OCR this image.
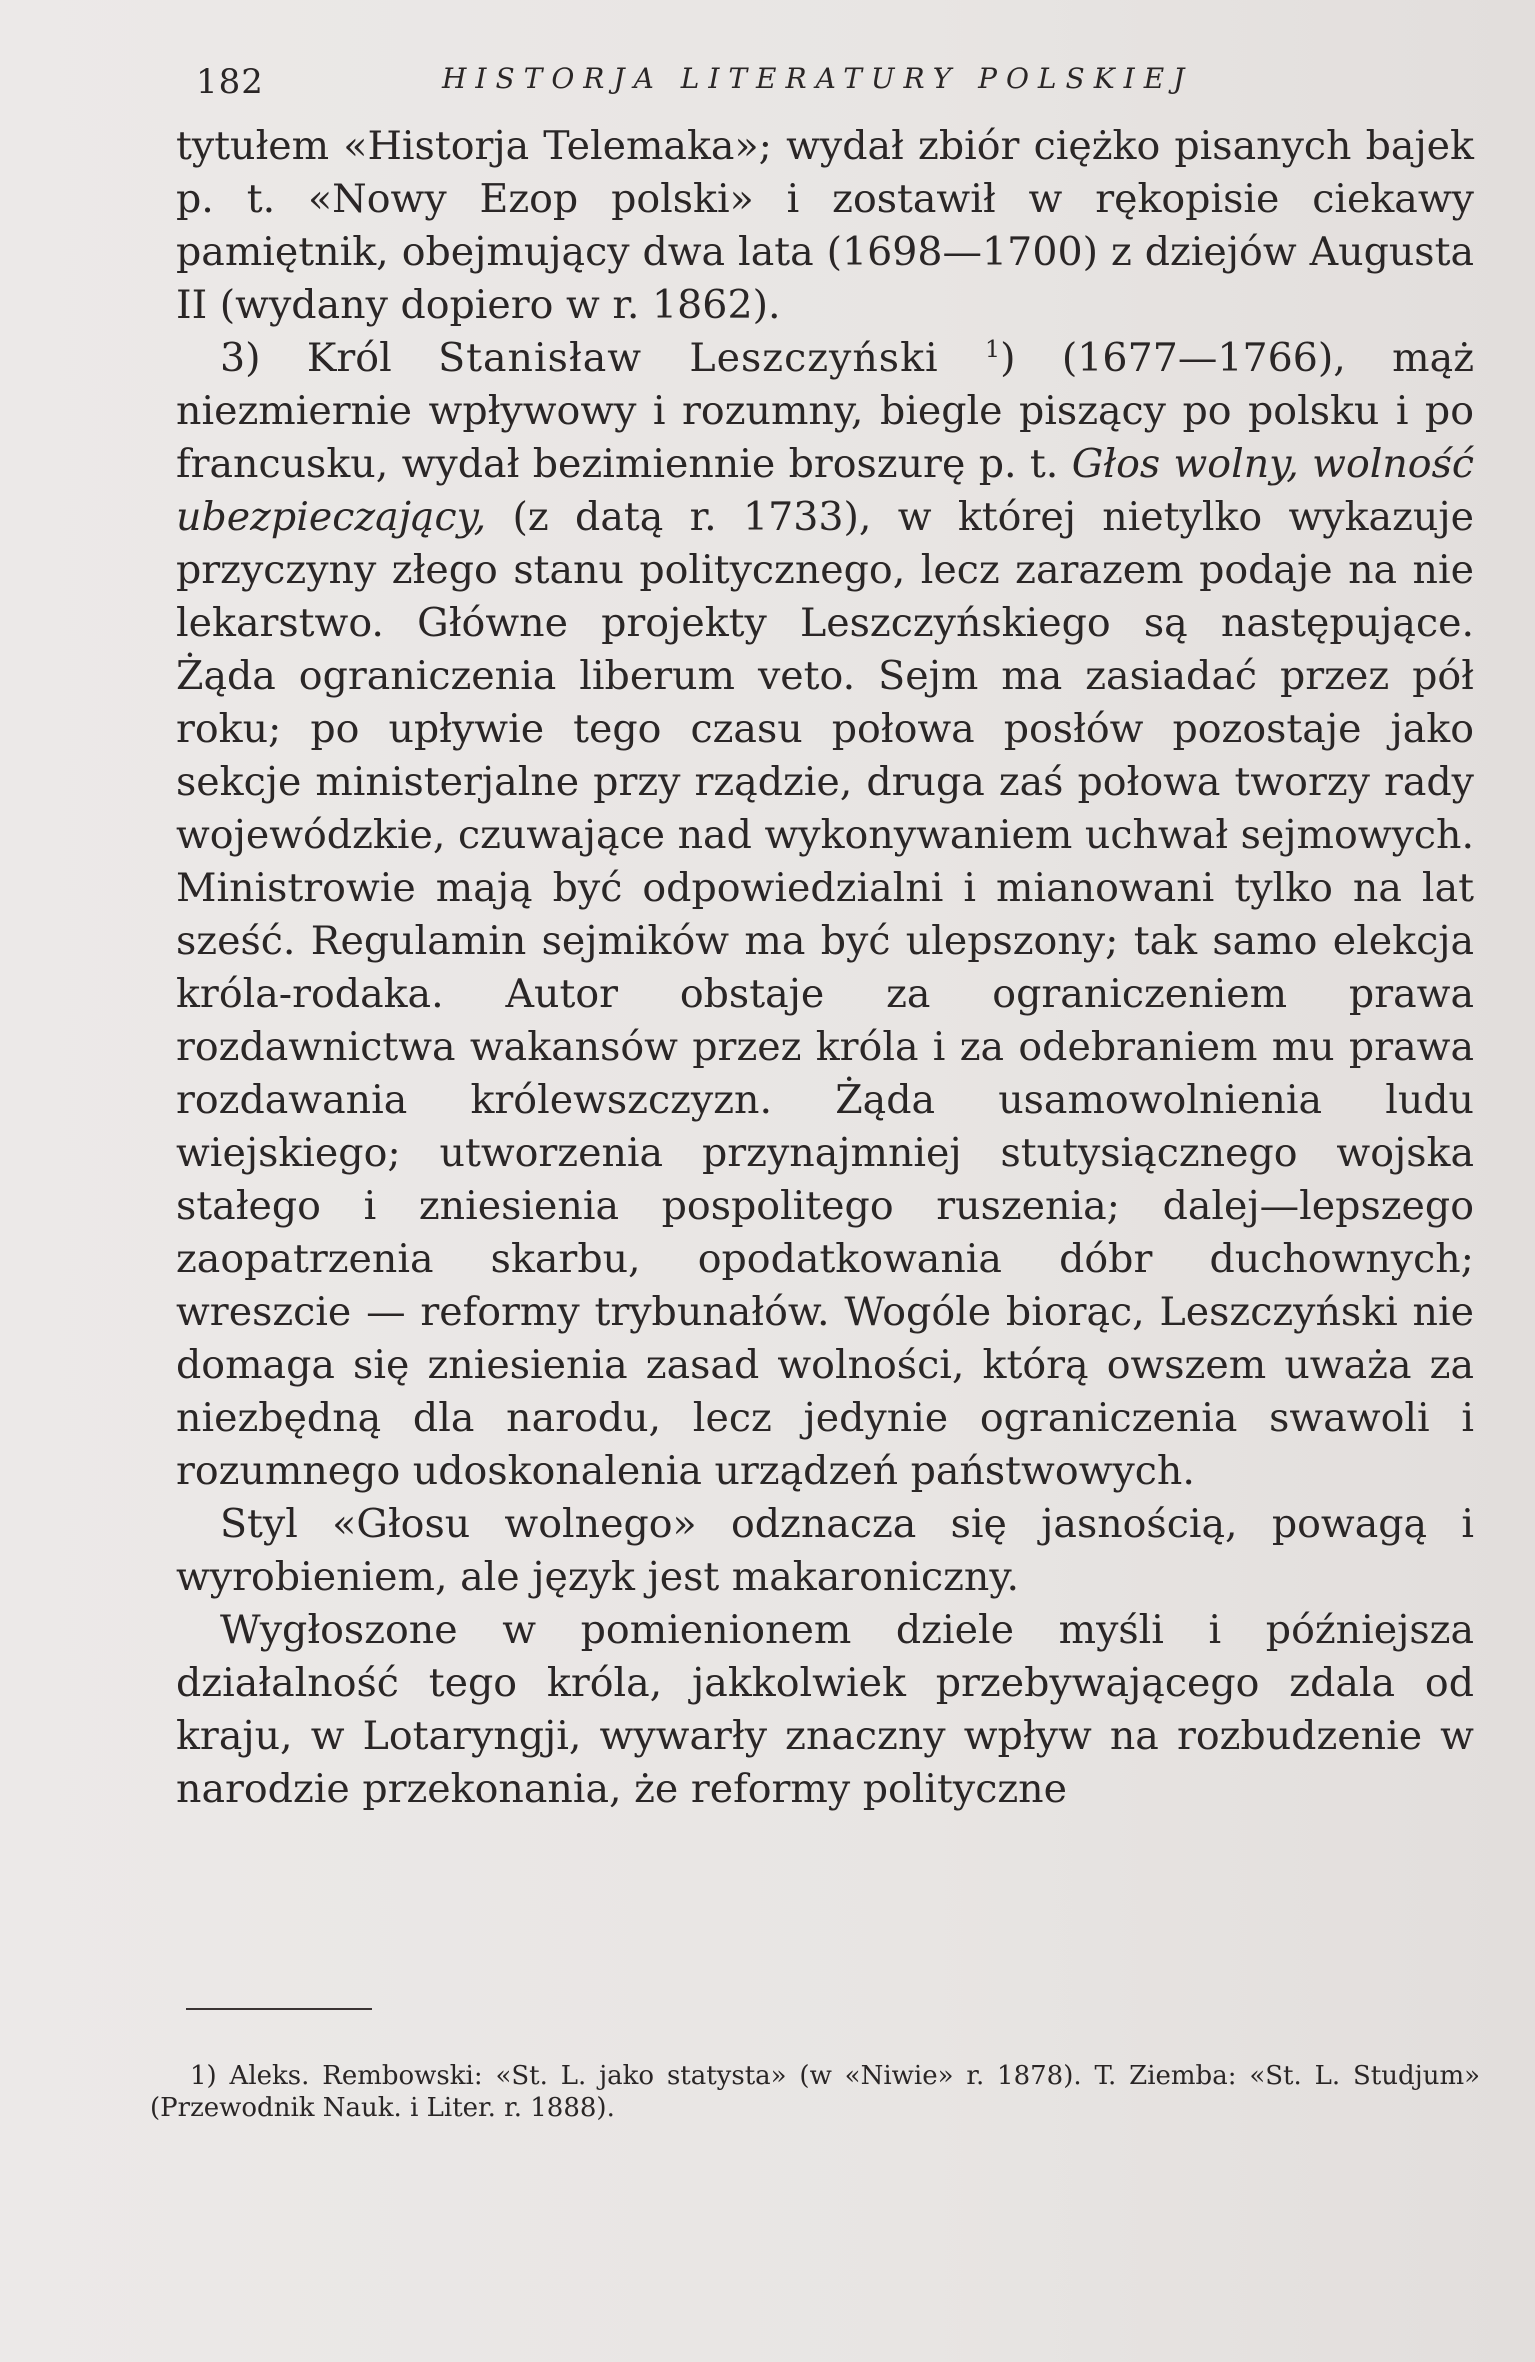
182	HISTORJA LITERATURY POLSKIEJ

tytułem «Historja Telemaka»; wydał zbiór ciężko pisanych bajek p. t. «Nowy Ezop polski» i zostawił w rękopisie ciekawy pamiętnik, obejmujący dwa lata (1698—1700) z dziejów Augusta II (wydany dopiero w r. 1862).

3) Król Stanisław Leszczyński $^1$) (1677—1766), mąż niezmiernie wpływowy i rozumny, biegle piszący po polsku i po francusku, wydał bezimiennie broszurę p. t. Głos wolny, wolność ubezpieczający, (z datą r. 1733), w której nietylko wykazuje przyczyny złego stanu politycznego, lecz zarazem podaje na nie lekarstwo. Główne projekty Leszczyńskiego są następujące. Żąda ograniczenia liberum veto. Sejm ma zasiadać przez pół roku; po upływie tego czasu połowa posłów pozostaje jako sekcje ministerjalne przy rządzie, druga zaś połowa tworzy rady wojewódzkie, czuwające nad wykonywaniem uchwał sejmowych. Ministrowie mają być odpowiedzialni i mianowani tylko na lat sześć. Regulamin sejmików ma być ulepszony; tak samo elekcja króla-rodaka. Autor obstaje za ograniczeniem prawa rozdawnictwa wakansów przez króla i za odebraniem mu prawa rozdawania królewszczyzn. Żąda usamowolnienia ludu wiejskiego; utworzenia przynajmniej stutysiącznego wojska stałego i zniesienia pospolitego ruszenia; dalej—lepszego zaopatrzenia skarbu, opodatkowania dóbr duchownych; wreszcie — reformy trybunałów. Wogóle biorąc, Leszczyński nie domaga się zniesienia zasad wolności, którą owszem uważa za niezbędną dla narodu, lecz jedynie ograniczenia swawoli i rozumnego udoskonalenia urządzeń państwowych.

Styl «Głosu wolnego» odznacza się jasnością, powagą i wyrobieniem, ale język jest makaroniczny.

Wygłoszone w pomienionem dziele myśli i późniejsza działalność tego króla, jakkolwiek przebywającego zdala od kraju, w Lotaryngji, wywarły znaczny wpływ na rozbudzenie w narodzie przekonania, że reformy polityczne

1) Aleks. Rembowski: «St. L. jako statysta» (w «Niwie» r. 1878). T. Ziemba: «St. L. Studjum» (Przewodnik Nauk. i Liter. r. 1888).
